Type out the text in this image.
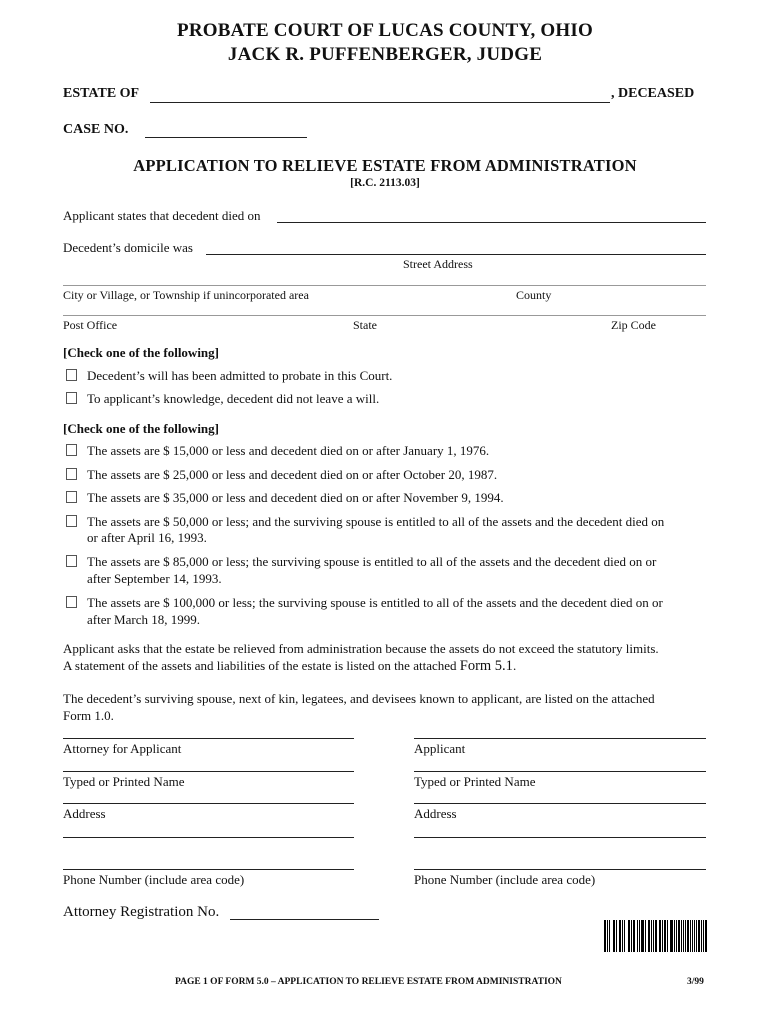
PROBATE COURT OF LUCAS COUNTY, OHIO
JACK R. PUFFENBERGER, JUDGE
ESTATE OF	, DECEASED
CASE NO.
APPLICATION TO RELIEVE ESTATE FROM ADMINISTRATION
[R.C. 2113.03]
Applicant states that decedent died on
Decedent’s domicile was
Street Address
City or Village, or Township if unincorporated area	County
Post Office	State	Zip Code
[Check one of the following]
Decedent’s will has been admitted to probate in this Court.
To applicant’s knowledge, decedent did not leave a will.
[Check one of the following]
The assets are $ 15,000 or less and decedent died on or after January 1, 1976.
The assets are $ 25,000 or less and decedent died on or after October 20, 1987.
The assets are $ 35,000 or less and decedent died on or after November 9, 1994.
The assets are $ 50,000 or less; and the surviving spouse is entitled to all of the assets and the decedent died on
or after April 16, 1993.
The assets are $ 85,000 or less; the surviving spouse is entitled to all of the assets and the decedent died on or
after September 14, 1993.
The assets are $ 100,000 or less; the surviving spouse is entitled to all of the assets and the decedent died on or
after March 18, 1999.
Applicant asks that the estate be relieved from administration because the assets do not exceed the statutory limits.
A statement of the assets and liabilities of the estate is listed on the attached Form 5.1.
The decedent’s surviving spouse, next of kin, legatees, and devisees known to applicant, are listed on the attached
Form 1.0.
Attorney for Applicant
Typed or Printed Name
Address
Phone Number (include area code)
Applicant
Typed or Printed Name
Address
Phone Number (include area code)
Attorney Registration No.
PAGE 1 OF FORM 5.0 – APPLICATION TO RELIEVE ESTATE FROM ADMINISTRATION	3/99
